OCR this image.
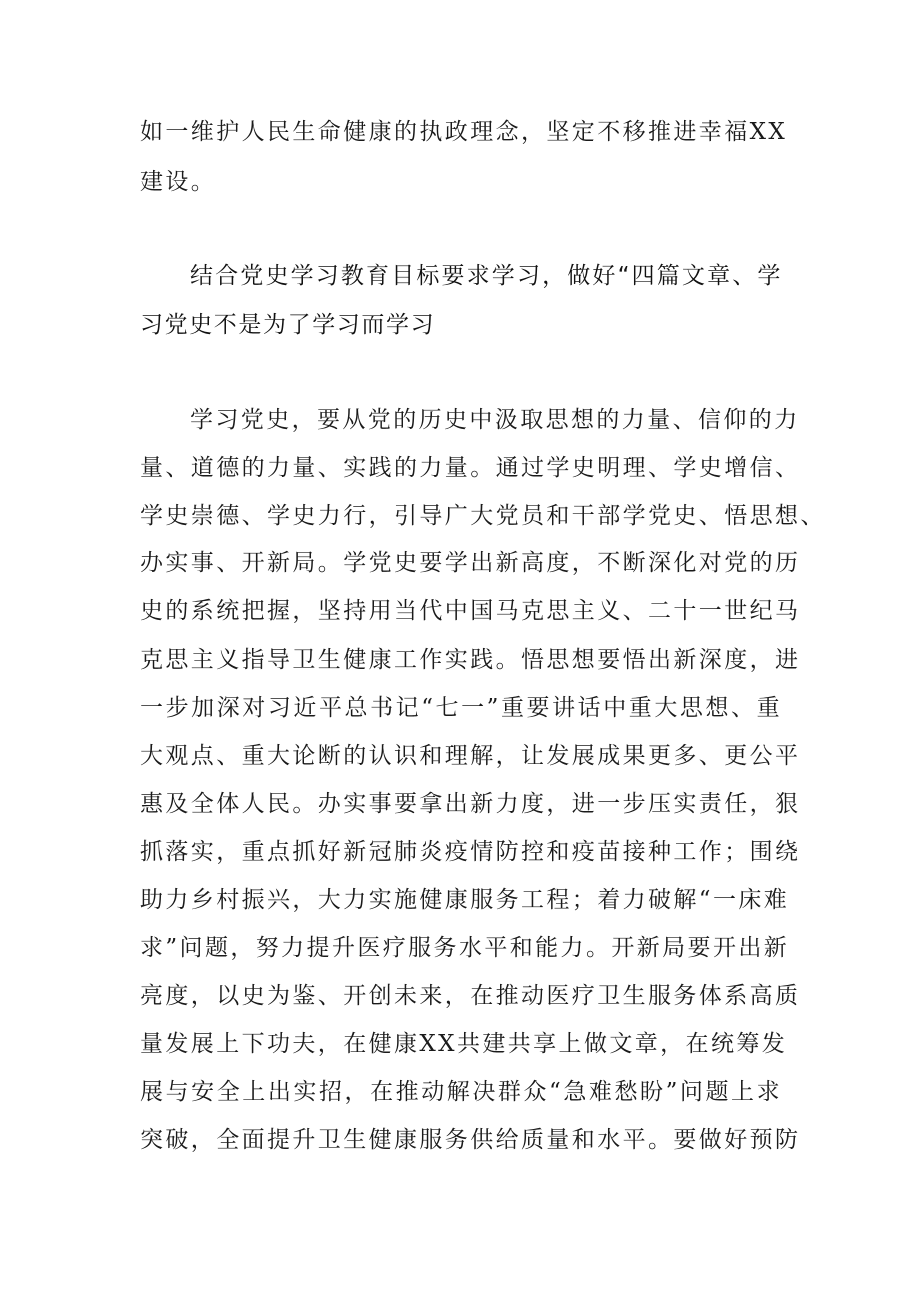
如一维护人民生命健康的执政理念，坚定不移推进幸福XX
建设。
结合党史学习教育目标要求学习，做好“四篇文章、学
习党史不是为了学习而学习
学习党史，要从党的历史中汲取思想的力量、信仰的力
量、道德的力量、实践的力量。通过学史明理、学史增信、
学史崇德、学史力行，引导广大党员和干部学党史、悟思想、
办实事、开新局。学党史要学出新高度，不断深化对党的历
史的系统把握，坚持用当代中国马克思主义、二十一世纪马
克思主义指导卫生健康工作实践。悟思想要悟出新深度，进
一步加深对习近平总书记“七一”重要讲话中重大思想、重
大观点、重大论断的认识和理解，让发展成果更多、更公平
惠及全体人民。办实事要拿出新力度，进一步压实责任，狠
抓落实，重点抓好新冠肺炎疫情防控和疫苗接种工作；围绕
助力乡村振兴，大力实施健康服务工程；着力破解“一床难
求”问题，努力提升医疗服务水平和能力。开新局要开出新
亮度，以史为鉴、开创未来，在推动医疗卫生服务体系高质
量发展上下功夫，在健康XX共建共享上做文章，在统筹发
展与安全上出实招，在推动解决群众“急难愁盼”问题上求
突破，全面提升卫生健康服务供给质量和水平。要做好预防
